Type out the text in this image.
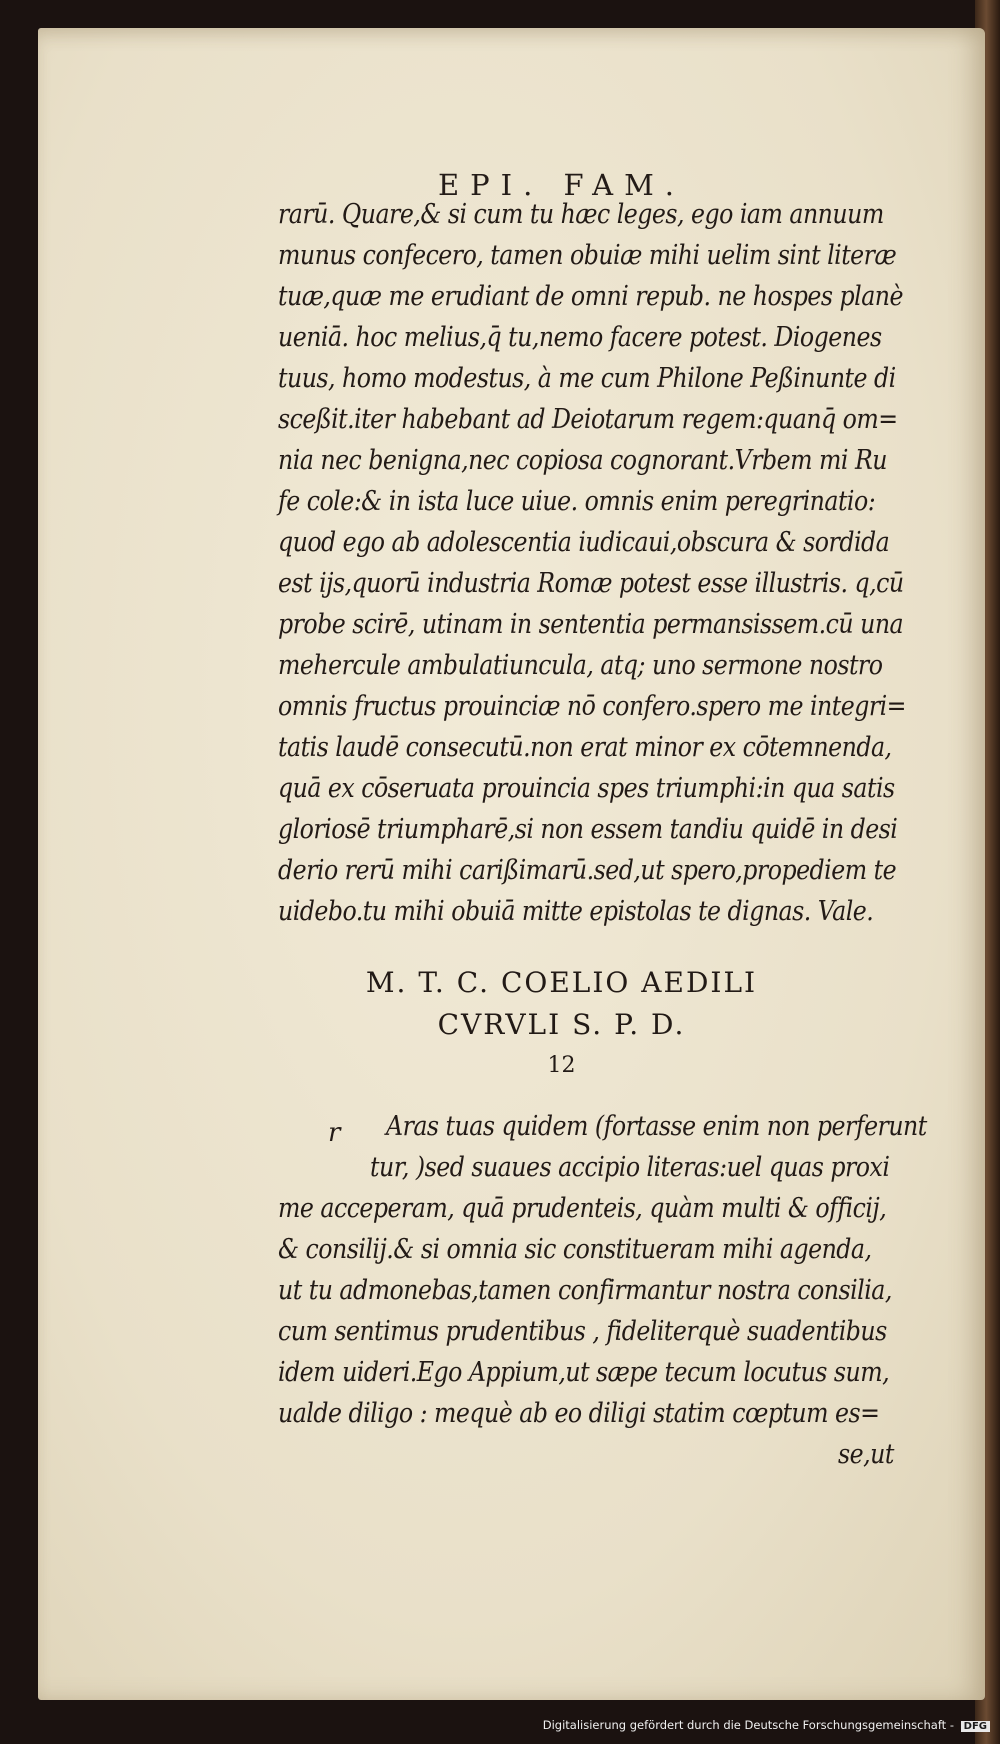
EPI. FAM.
rarū. Quare,& si cum tu hæc leges, ego iam annuum
munus confecero, tamen obuiæ mihi uelim sint literæ
tuæ,quæ me erudiant de omni repub. ne hospes planè
ueniā. hoc melius,q̄ tu,nemo facere potest. Diogenes
tuus, homo modestus, à me cum Philone Peßinunte di
sceßit.iter habebant ad Deiotarum regem:quanq̄ om=
nia nec benigna,nec copiosa cognorant.Vrbem mi Ru
fe cole:& in ista luce uiue. omnis enim peregrinatio:
quod ego ab adolescentia iudicaui,obscura & sordida
est ijs,quorū industria Romæ potest esse illustris. q,cū
probe scirē, utinam in sententia permansissem.cū una
mehercule ambulatiuncula, atq; uno sermone nostro
omnis fructus prouinciæ nō confero.spero me integri=
tatis laudē consecutū.non erat minor ex cōtemnenda,
quā ex cōseruata prouincia spes triumphi:in qua satis
gloriosē triumpharē,si non essem tandiu quidē in desi
derio rerū mihi carißimarū.sed,ut spero,propediem te
uidebo.tu mihi obuiā mitte epistolas te dignas. Vale.
M. T. C. COELIO AEDILI
CVRVLI S. P. D.
12
r Aras tuas quidem (fortasse enim non perferunt
tur, )sed suaues accipio literas:uel quas proxi
me acceperam, quā prudenteis, quàm multi & officij,
& consilij.& si omnia sic constitueram mihi agenda,
ut tu admonebas,tamen confirmantur nostra consilia,
cum sentimus prudentibus , fideliterquè suadentibus
idem uideri.Ego Appium,ut sæpe tecum locutus sum,
ualde diligo : mequè ab eo diligi statim cœptum es=
se,ut
Digitalisierung gefördert durch die Deutsche Forschungsgemeinschaft - DFG
